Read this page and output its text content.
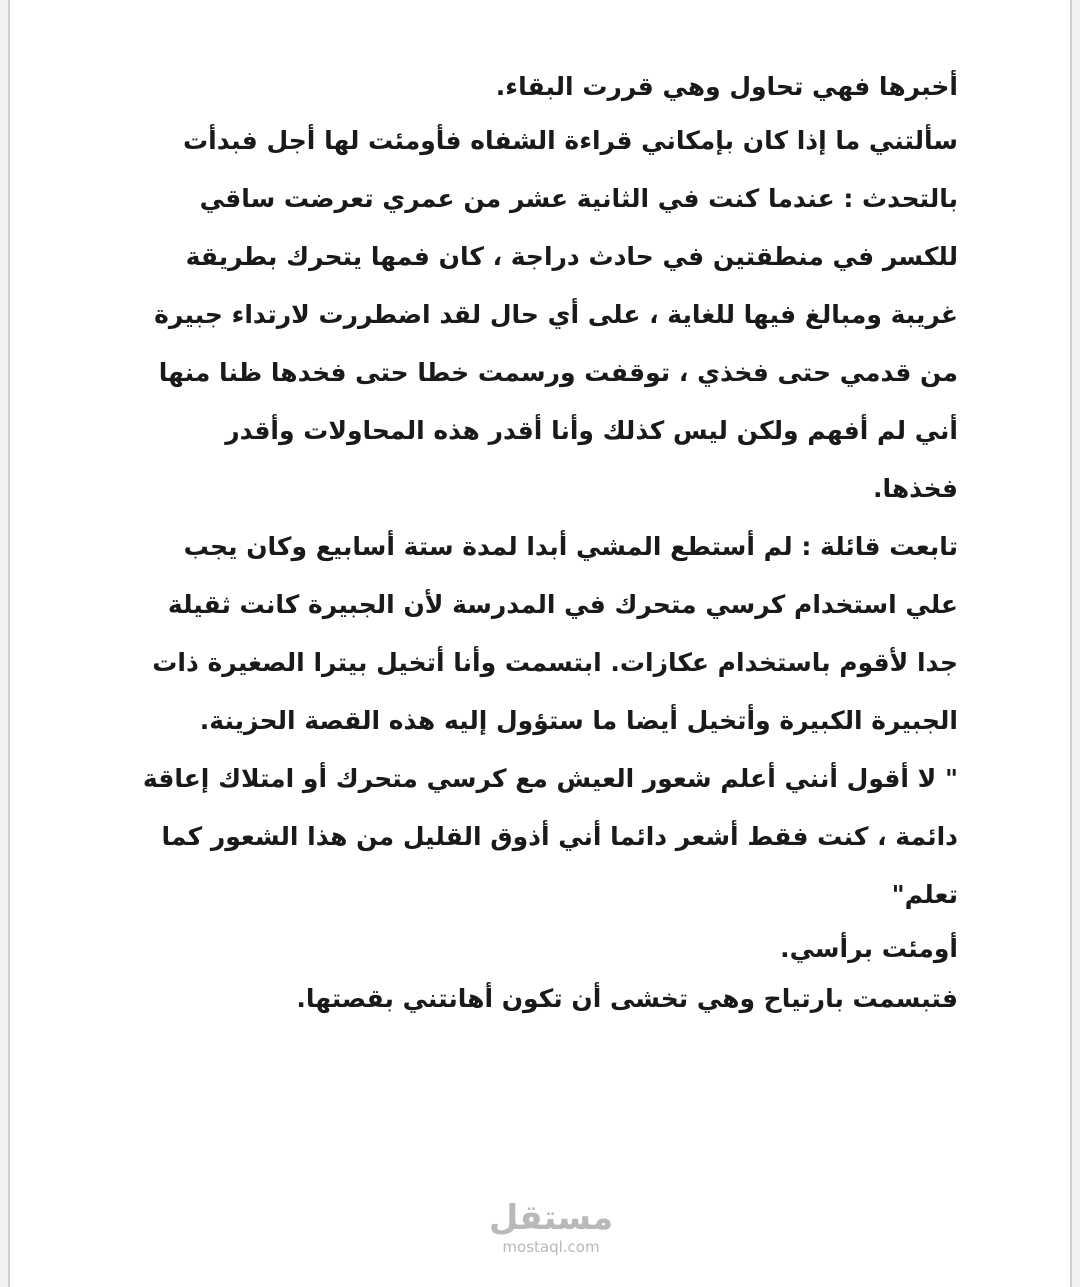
أخبرها فهي تحاول وهي قررت البقاء.

سألتني ما إذا كان بإمكاني قراءة الشفاه فأومئت لها أجل فبدأت بالتحدث : عندما كنت في الثانية عشر من عمري تعرضت ساقي للكسر في منطقتين في حادث دراجة ، كان فمها يتحرك بطريقة غريبة ومبالغ فيها للغاية ، على أي حال لقد اضطررت لارتداء جبيرة من قدمي حتى فخذي ، توقفت ورسمت خطا حتى فخدها ظنا منها أني لم أفهم ولكن ليس كذلك وأنا أقدر هذه المحاولات وأقدر فخذها.

تابعت قائلة : لم أستطع المشي أبدا لمدة ستة أسابيع وكان يجب علي استخدام كرسي متحرك في المدرسة لأن الجبيرة كانت ثقيلة جدا لأقوم باستخدام عكازات. ابتسمت وأنا أتخيل بيترا الصغيرة ذات الجبيرة الكبيرة وأتخيل أيضا ما ستؤول إليه هذه القصة الحزينة.

" لا أقول أنني أعلم شعور العيش مع كرسي متحرك أو امتلاك إعاقة دائمة ، كنت فقط أشعر دائما أني أذوق القليل من هذا الشعور كما تعلم"

أومئت برأسي.

فتبسمت بارتياح وهي تخشى أن تكون أهانتني بقصتها.

مستقل
mostaql.com
